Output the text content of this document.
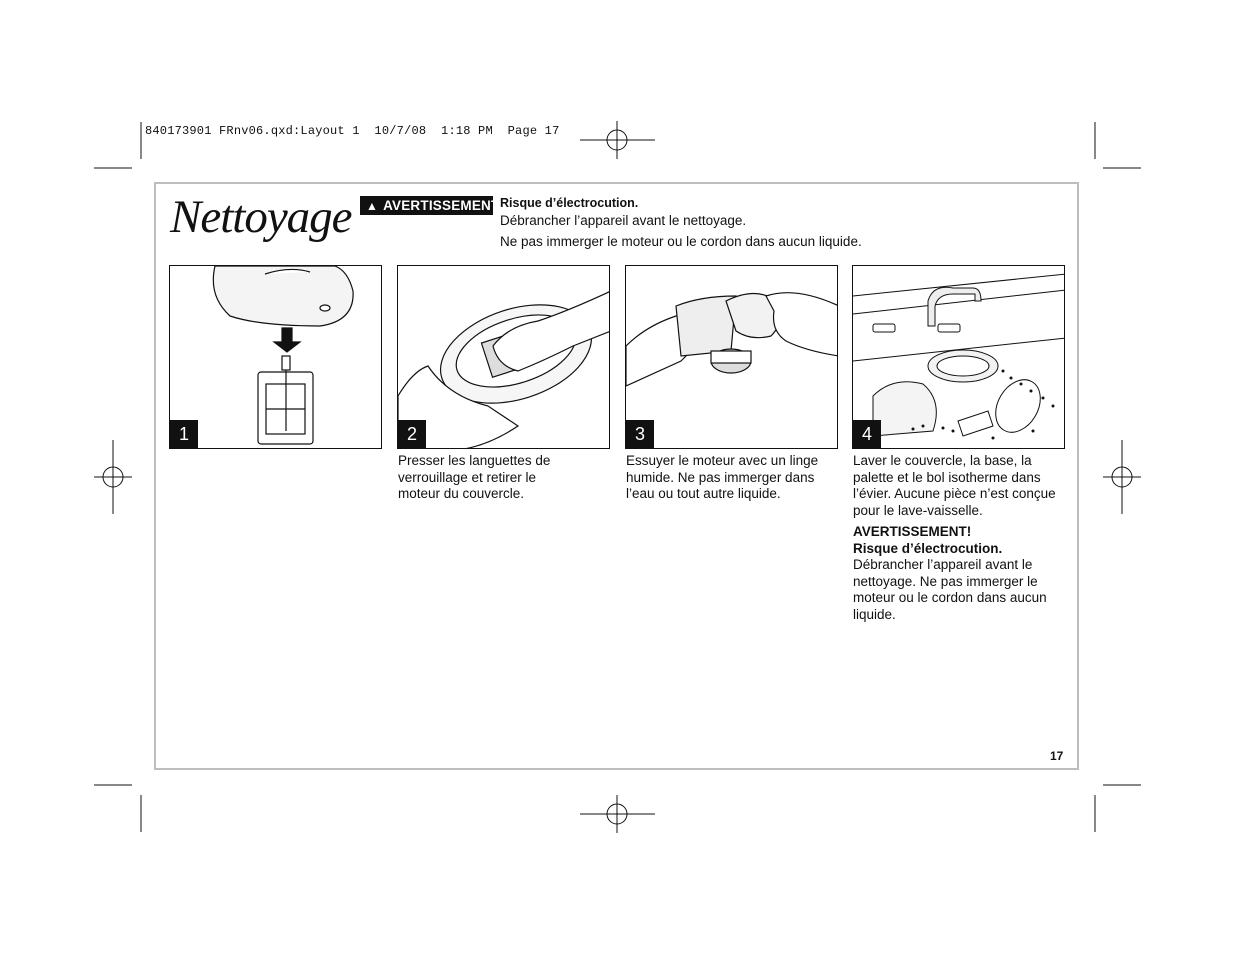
840173901 FRnv06.qxd:Layout 1  10/7/08  1:18 PM  Page 17
Nettoyage ▲ AVERTISSEMENT Risque d’électrocution.
Débrancher l’appareil avant le nettoyage.
Ne pas immerger le moteur ou le cordon dans aucun liquide.
1	2	3	4

Presser les languettes de verrouillage et retirer le moteur du couvercle.

Essuyer le moteur avec un linge humide. Ne pas immerger dans l’eau ou tout autre liquide.

Laver le couvercle, la base, la palette et le bol isotherme dans l’évier. Aucune pièce n’est conçue pour le lave-vaisselle.

AVERTISSEMENT!
Risque d’électrocution.
Débrancher l’appareil avant le nettoyage. Ne pas immerger le moteur ou le cordon dans aucun liquide.
17
